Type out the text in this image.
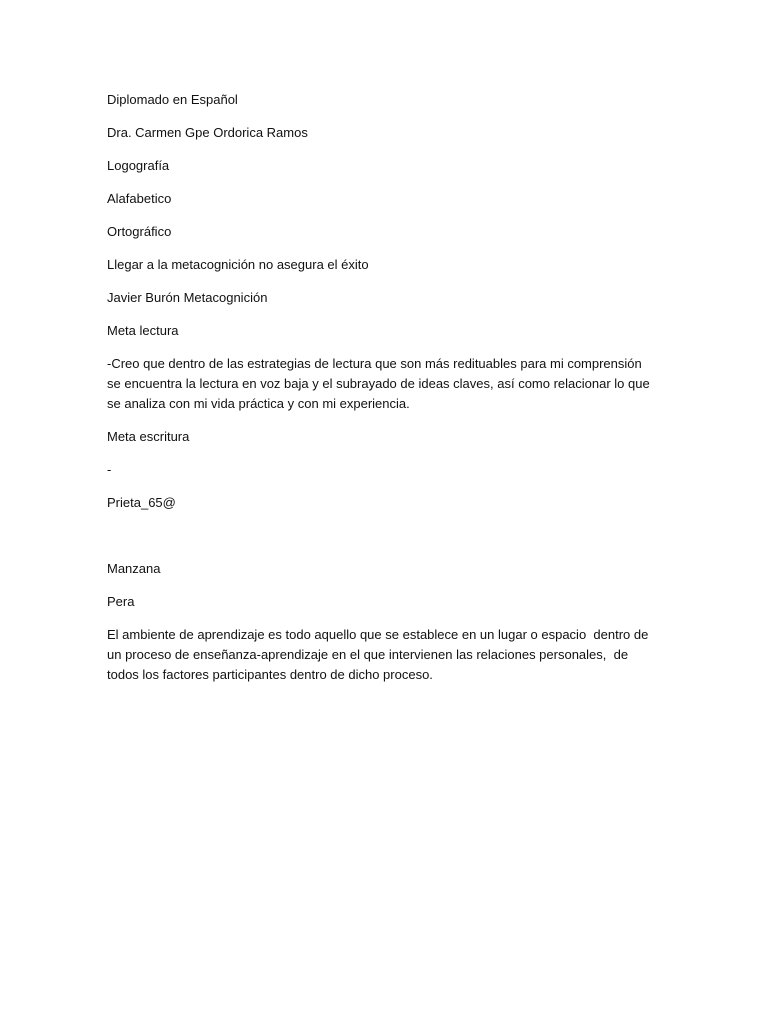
Diplomado en Español

Dra. Carmen Gpe Ordorica Ramos

Logografía

Alafabetico

Ortográfico

Llegar a la metacognición no asegura el éxito

Javier Burón Metacognición

Meta lectura

-Creo que dentro de las estrategias de lectura que son más redituables para mi comprensión se encuentra la lectura en voz baja y el subrayado de ideas claves, así como relacionar lo que se analiza con mi vida práctica y con mi experiencia.

Meta escritura

-

Prieta_65@

Manzana

Pera

El ambiente de aprendizaje es todo aquello que se establece en un lugar o espacio  dentro de un proceso de enseñanza-aprendizaje en el que intervienen las relaciones personales,  de todos los factores participantes dentro de dicho proceso.
